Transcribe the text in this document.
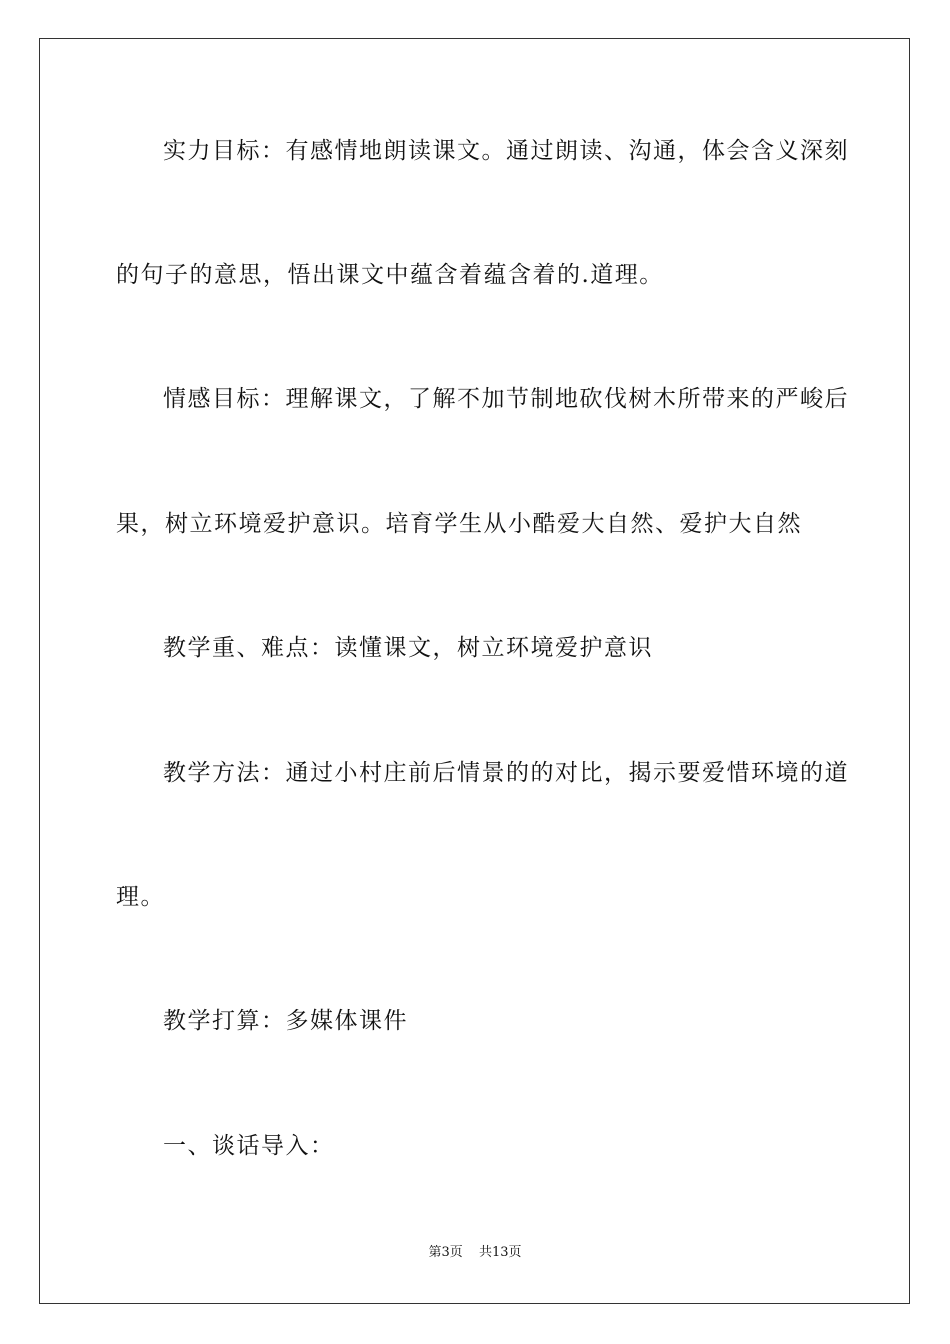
实力目标：有感情地朗读课文。通过朗读、沟通，体会含义深刻
的句子的意思，悟出课文中蕴含着蕴含着的.道理。
情感目标：理解课文，了解不加节制地砍伐树木所带来的严峻后
果，树立环境爱护意识。培育学生从小酷爱大自然、爱护大自然
教学重、难点：读懂课文，树立环境爱护意识
教学方法：通过小村庄前后情景的的对比，揭示要爱惜环境的道
理。
教学打算：多媒体课件
一、谈话导入：
第3页 共13页
